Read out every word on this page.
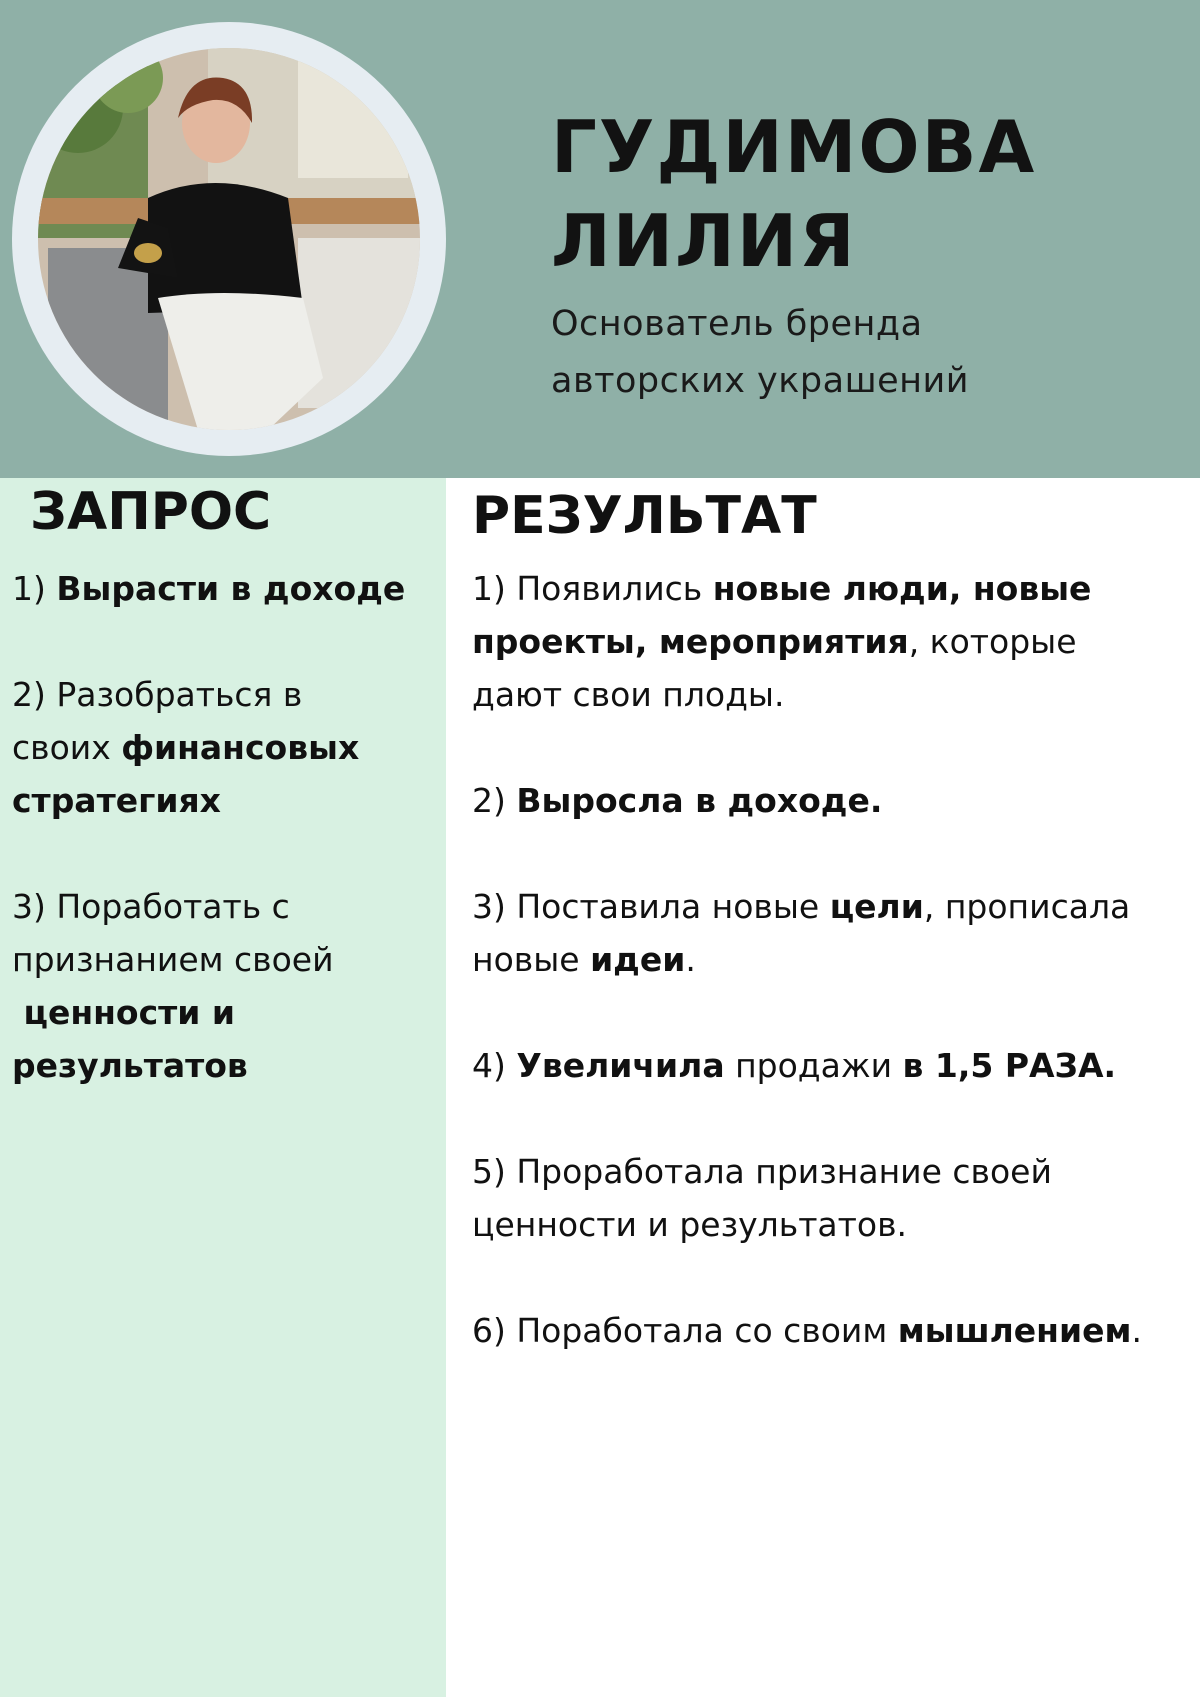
ГУДИМОВА
ЛИЛИЯ

Основатель бренда
авторских украшений

ЗАПРОС	РЕЗУЛЬТАТ
1) Вырасти в доходе
2) Разобраться в
своих финансовых
стратегиях
3) Поработать с
признанием своей
ценности и
результатов
1) Появились новые люди, новые
проекты, мероприятия, которые
дают свои плоды.
2) Выросла в доходе.
3) Поставила новые цели, прописала
новые идеи.
4) Увеличила продажи в 1,5 РАЗА.
5) Проработала признание своей
ценности и результатов.
6) Поработала со своим мышлением.
